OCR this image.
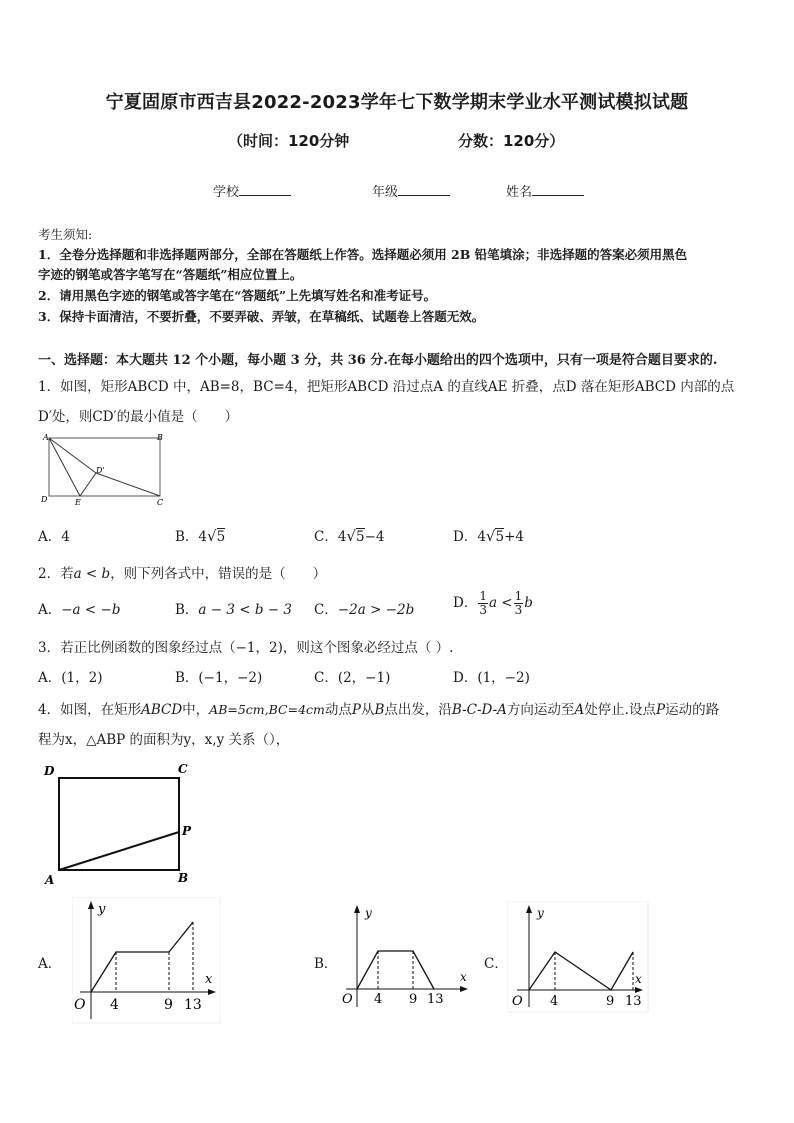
宁夏固原市西吉县2022-2023学年七下数学期末学业水平测试模拟试题
（时间：120分钟	分数：120分）
学校	年级	姓名
考生须知:
1．全卷分选择题和非选择题两部分，全部在答题纸上作答。选择题必须用 2B 铅笔填涂；非选择题的答案必须用黑色
字迹的钢笔或答字笔写在“答题纸”相应位置上。
2．请用黑色字迹的钢笔或答字笔在“答题纸”上先填写姓名和准考证号。
3．保持卡面清洁，不要折叠，不要弄破、弄皱，在草稿纸、试题卷上答题无效。
一、选择题：本大题共 12 个小题，每小题 3 分，共 36 分.在每小题给出的四个选项中，只有一项是符合题目要求的.
1．如图，矩形ABCD 中，AB=8，BC=4，把矩形ABCD 沿过点A 的直线AE 折叠，点D 落在矩形ABCD 内部的点
D′处，则CD′的最小值是（　　）
A	B
C
D	E
D'
A．4	B．4√5	C．4√5−4	D．4√5+4
2．若a < b，则下列各式中，错误的是（　　）
A．−a < −b	B．a − 3 < b − 3 C．−2a > −2b	D． $\frac{1}{3}$ $a < \frac{1}{3}$ b
3．若正比例函数的图象经过点（−1，2)，则这个图象必经过点（ ）.
A．(1，2)	B．(−1，−2)	C．(2，−1)	D．(1，−2)
4．如图，在矩形ABCD中，AB=5cm,BC=4cm动点P从B点出发，沿B-C-D-A方向运动至A处停止.设点P运动的路
程为x，△ABP 的面积为y，x,y 关系（），
D	C
P
A	B
A．
y
x
O 4	9 13
B．
y
x
O 4 9 13
C．
y
x
O 4	9 13
